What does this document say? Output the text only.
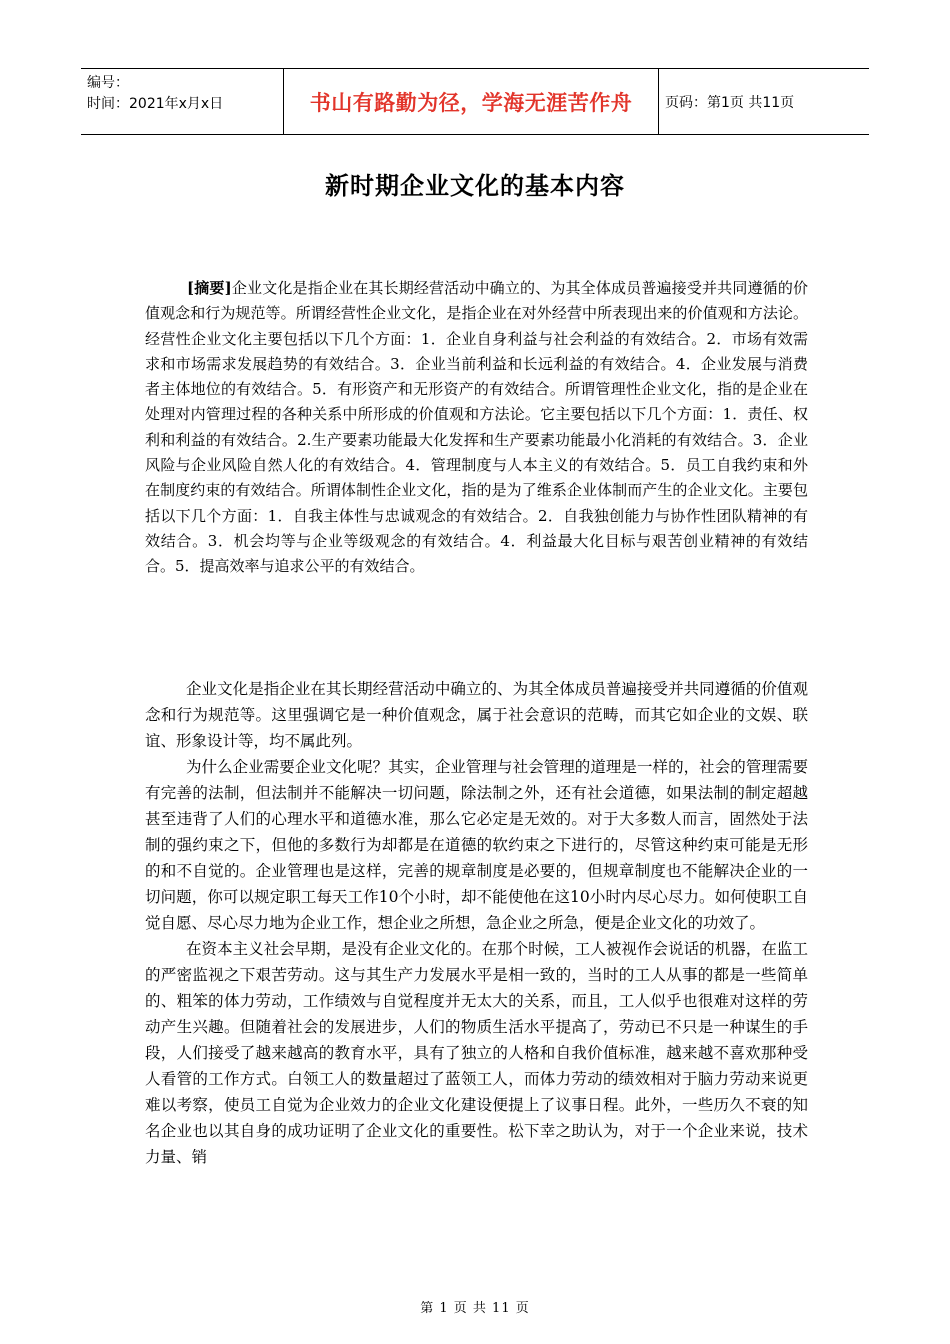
编号：
时间：2021年x月x日	书山有路勤为径，学海无涯苦作舟 页码：第1页 共11页
新时期企业文化的基本内容

[摘要]企业文化是指企业在其长期经营活动中确立的、为其全体成员普遍接受并共同遵循的价值观念和行为规范等。所谓经营性企业文化，是指企业在对外经营中所表现出来的价值观和方法论。经营性企业文化主要包括以下几个方面：1．企业自身利益与社会利益的有效结合。2．市场有效需求和市场需求发展趋势的有效结合。3．企业当前利益和长远利益的有效结合。4．企业发展与消费者主体地位的有效结合。5．有形资产和无形资产的有效结合。所谓管理性企业文化，指的是企业在处理对内管理过程的各种关系中所形成的价值观和方法论。它主要包括以下几个方面：1．责任、权利和利益的有效结合。2.生产要素功能最大化发挥和生产要素功能最小化消耗的有效结合。3．企业风险与企业风险自然人化的有效结合。4．管理制度与人本主义的有效结合。5．员工自我约束和外在制度约束的有效结合。所谓体制性企业文化，指的是为了维系企业体制而产生的企业文化。主要包括以下几个方面：1．自我主体性与忠诚观念的有效结合。2．自我独创能力与协作性团队精神的有效结合。3．机会均等与企业等级观念的有效结合。4．利益最大化目标与艰苦创业精神的有效结合。5．提高效率与追求公平的有效结合。

企业文化是指企业在其长期经营活动中确立的、为其全体成员普遍接受并共同遵循的价值观念和行为规范等。这里强调它是一种价值观念，属于社会意识的范畴，而其它如企业的文娱、联谊、形象设计等，均不属此列。

为什么企业需要企业文化呢？其实，企业管理与社会管理的道理是一样的，社会的管理需要有完善的法制，但法制并不能解决一切问题，除法制之外，还有社会道德，如果法制的制定超越甚至违背了人们的心理水平和道德水准，那么它必定是无效的。对于大多数人而言，固然处于法制的强约束之下，但他的多数行为却都是在道德的软约束之下进行的，尽管这种约束可能是无形的和不自觉的。企业管理也是这样，完善的规章制度是必要的，但规章制度也不能解决企业的一切问题，你可以规定职工每天工作10个小时，却不能使他在这10小时内尽心尽力。如何使职工自觉自愿、尽心尽力地为企业工作，想企业之所想，急企业之所急，便是企业文化的功效了。

在资本主义社会早期，是没有企业文化的。在那个时候，工人被视作会说话的机器，在监工的严密监视之下艰苦劳动。这与其生产力发展水平是相一致的，当时的工人从事的都是一些简单的、粗笨的体力劳动，工作绩效与自觉程度并无太大的关系，而且，工人似乎也很难对这样的劳动产生兴趣。但随着社会的发展进步，人们的物质生活水平提高了，劳动已不只是一种谋生的手段，人们接受了越来越高的教育水平，具有了独立的人格和自我价值标准，越来越不喜欢那种受人看管的工作方式。白领工人的数量超过了蓝领工人，而体力劳动的绩效相对于脑力劳动来说更难以考察，使员工自觉为企业效力的企业文化建设便提上了议事日程。此外，一些历久不衰的知名企业也以其自身的成功证明了企业文化的重要性。松下幸之助认为，对于一个企业来说，技术力量、销

第 1 页 共 11 页
